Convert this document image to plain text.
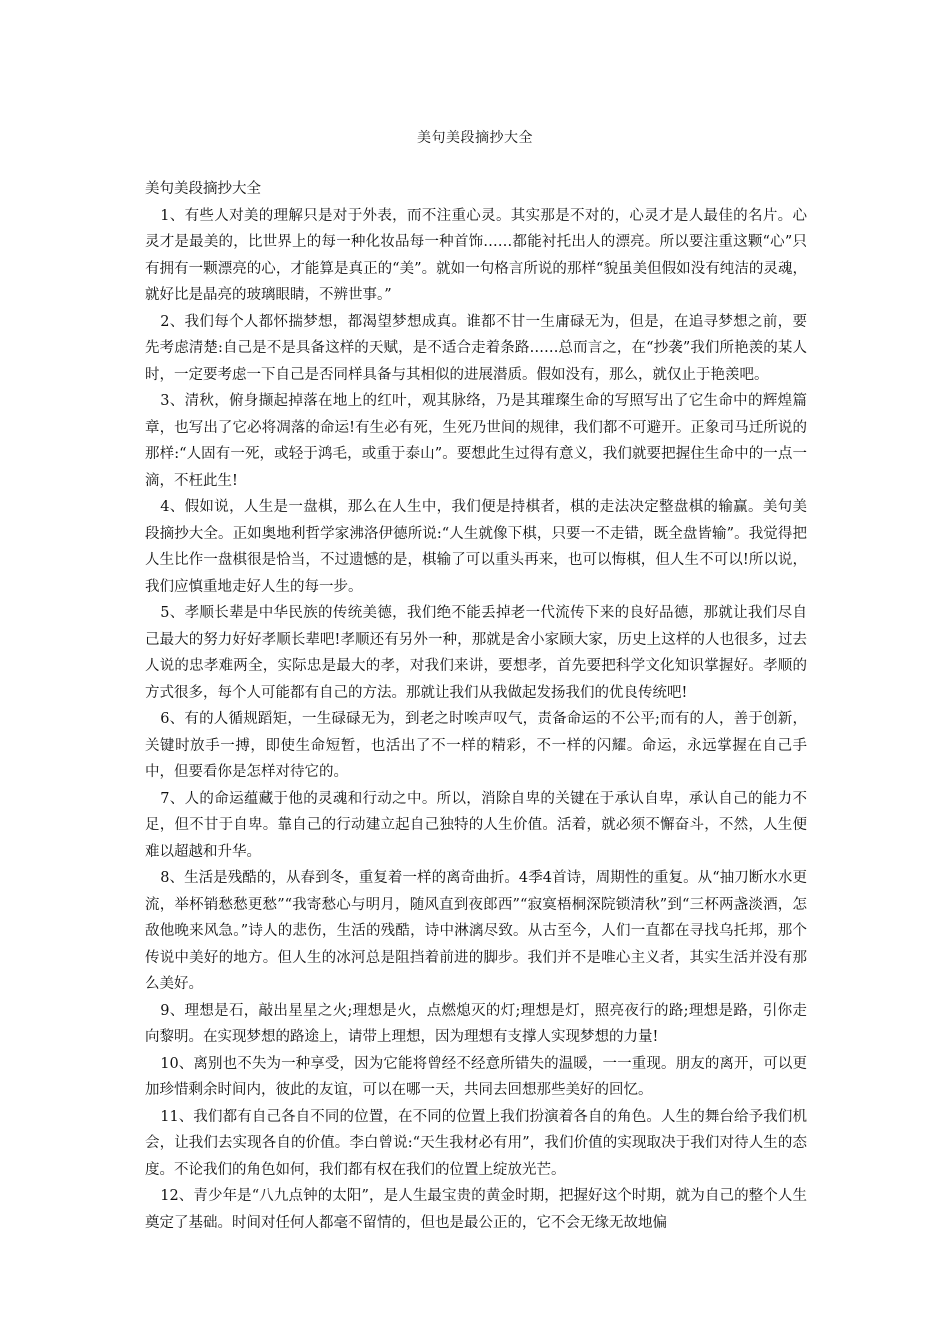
美句美段摘抄大全

美句美段摘抄大全

1、有些人对美的理解只是对于外表，而不注重心灵。其实那是不对的，心灵才是人最佳的名片。心灵才是最美的，比世界上的每一种化妆品每一种首饰……都能衬托出人的漂亮。所以要注重这颗“心”只有拥有一颗漂亮的心，才能算是真正的“美”。就如一句格言所说的那样“貌虽美但假如没有纯洁的灵魂，就好比是晶亮的玻璃眼睛，不辨世事。”

2、我们每个人都怀揣梦想，都渴望梦想成真。谁都不甘一生庸碌无为，但是，在追寻梦想之前，要先考虑清楚:自己是不是具备这样的天赋，是不适合走着条路……总而言之，在“抄袭”我们所艳羡的某人时，一定要考虑一下自己是否同样具备与其相似的进展潜质。假如没有，那么，就仅止于艳羡吧。

3、清秋，俯身撷起掉落在地上的红叶，观其脉络，乃是其璀璨生命的写照写出了它生命中的辉煌篇章，也写出了它必将凋落的命运!有生必有死，生死乃世间的规律，我们都不可避开。正象司马迁所说的那样:“人固有一死，或轻于鸿毛，或重于泰山”。要想此生过得有意义，我们就要把握住生命中的一点一滴，不枉此生!

4、假如说，人生是一盘棋，那么在人生中，我们便是持棋者，棋的走法决定整盘棋的输赢。美句美段摘抄大全。正如奥地利哲学家沸洛伊德所说:“人生就像下棋，只要一不走错，既全盘皆输”。我觉得把人生比作一盘棋很是恰当，不过遗憾的是，棋输了可以重头再来，也可以悔棋，但人生不可以!所以说，我们应慎重地走好人生的每一步。

5、孝顺长辈是中华民族的传统美德，我们绝不能丢掉老一代流传下来的良好品德，那就让我们尽自己最大的努力好好孝顺长辈吧!孝顺还有另外一种，那就是舍小家顾大家，历史上这样的人也很多，过去人说的忠孝难两全，实际忠是最大的孝，对我们来讲，要想孝，首先要把科学文化知识掌握好。孝顺的方式很多，每个人可能都有自己的方法。那就让我们从我做起发扬我们的优良传统吧!

6、有的人循规蹈矩，一生碌碌无为，到老之时唉声叹气，责备命运的不公平;而有的人，善于创新，关键时放手一搏，即使生命短暂，也活出了不一样的精彩，不一样的闪耀。命运，永远掌握在自己手中，但要看你是怎样对待它的。

7、人的命运蕴藏于他的灵魂和行动之中。所以，消除自卑的关键在于承认自卑，承认自己的能力不足，但不甘于自卑。靠自己的行动建立起自己独特的人生价值。活着，就必须不懈奋斗，不然，人生便难以超越和升华。

8、生活是残酷的，从春到冬，重复着一样的离奇曲折。4季4首诗，周期性的重复。从“抽刀断水水更流，举杯销愁愁更愁”“我寄愁心与明月，随风直到夜郎西”“寂寞梧桐深院锁清秋”到“三杯两盏淡酒，怎敌他晚来风急。”诗人的悲伤，生活的残酷，诗中淋漓尽致。从古至今，人们一直都在寻找乌托邦，那个传说中美好的地方。但人生的冰河总是阻挡着前进的脚步。我们并不是唯心主义者，其实生活并没有那么美好。

9、理想是石，敲出星星之火;理想是火，点燃熄灭的灯;理想是灯，照亮夜行的路;理想是路，引你走向黎明。在实现梦想的路途上，请带上理想，因为理想有支撑人实现梦想的力量!

10、离别也不失为一种享受，因为它能将曾经不经意所错失的温暖，一一重现。朋友的离开，可以更加珍惜剩余时间内，彼此的友谊，可以在哪一天，共同去回想那些美好的回忆。

11、我们都有自己各自不同的位置，在不同的位置上我们扮演着各自的角色。人生的舞台给予我们机会，让我们去实现各自的价值。李白曾说:“天生我材必有用”，我们价值的实现取决于我们对待人生的态度。不论我们的角色如何，我们都有权在我们的位置上绽放光芒。

12、青少年是“八九点钟的太阳”，是人生最宝贵的黄金时期，把握好这个时期，就为自己的整个人生奠定了基础。时间对任何人都毫不留情的，但也是最公正的，它不会无缘无故地偏
